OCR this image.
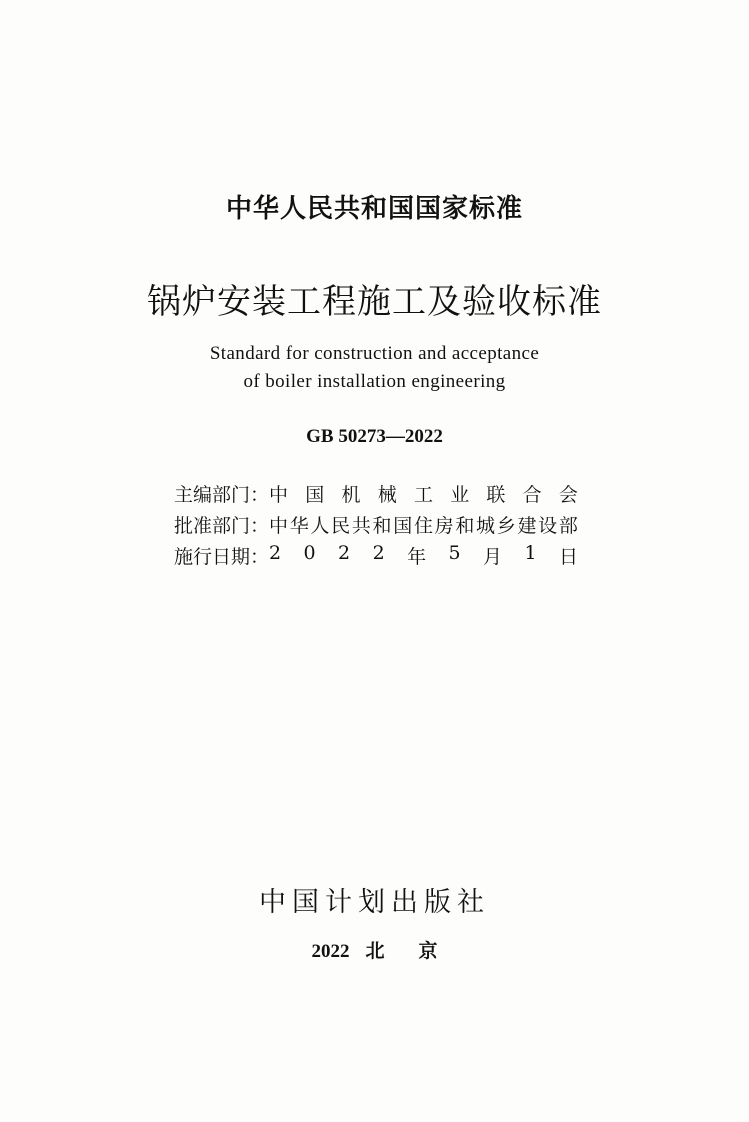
中华人民共和国国家标准
锅炉安装工程施工及验收标准
Standard for construction and acceptance
of boiler installation engineering
GB 50273—2022
主编部门： 中 国 机 械 工 业 联 合 会
批准部门： 中 华 人 民 共 和 国 住 房 和 城 乡 建 设 部
施行日期： 2 0 2 2 年 5 月 1 日
中国计划出版社
2022 北 京
